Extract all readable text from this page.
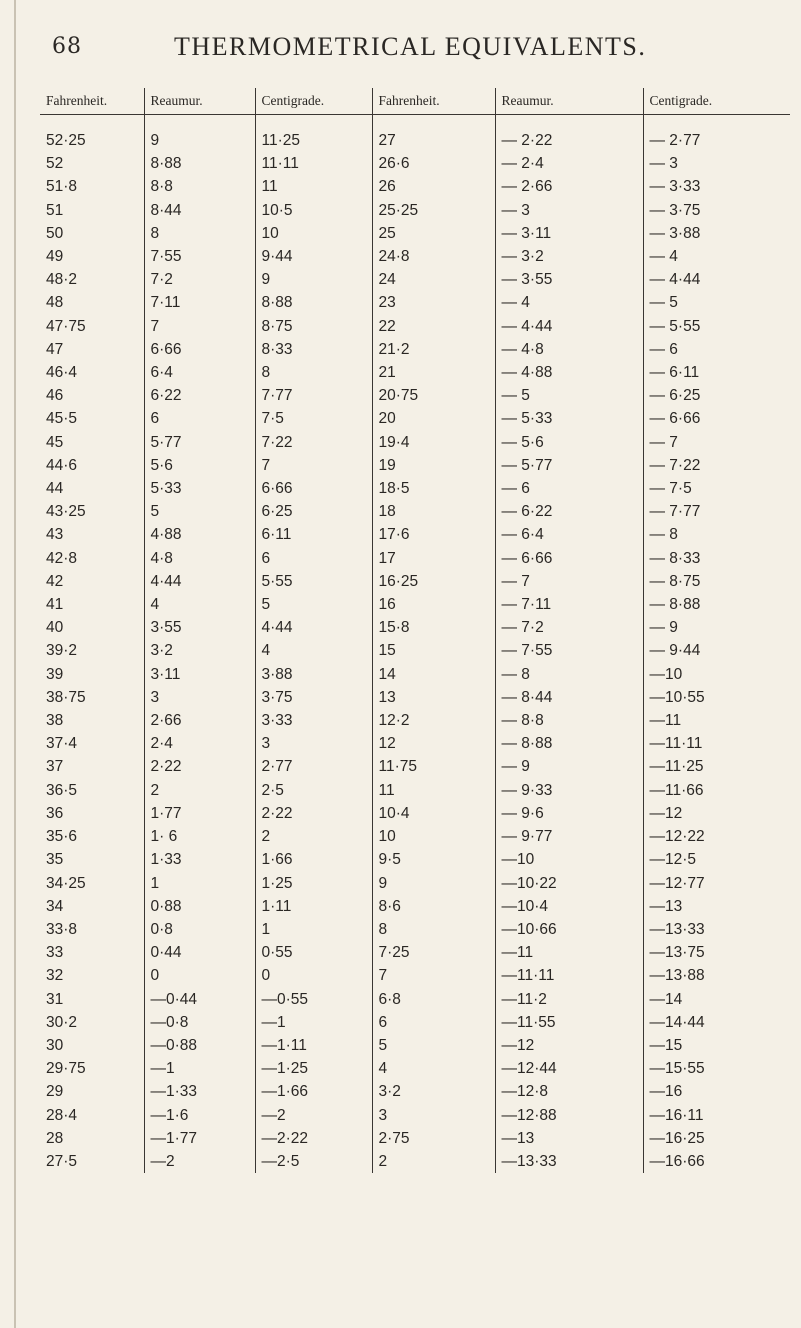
68	THERMOMETRICAL EQUIVALENTS.
Fahrenheit.	Reaumur.	Centigrade.	Fahrenheit.	Reaumur.	Centigrade.
52·25	9	11·25	27	— 2·22	— 2·77
52	8·88	11·11	26·6	— 2·4	— 3
51·8	8·8	11	26	— 2·66	— 3·33
51	8·44	10·5	25·25	— 3	— 3·75
50	8	10	25	— 3·11	— 3·88
49	7·55	9·44	24·8	— 3·2	— 4
48·2	7·2	9	24	— 3·55	— 4·44
48	7·11	8·88	23	— 4	— 5
47·75	7	8·75	22	— 4·44	— 5·55
47	6·66	8·33	21·2	— 4·8	— 6
46·4	6·4	8	21	— 4·88	— 6·11
46	6·22	7·77	20·75	— 5	— 6·25
45·5	6	7·5	20	— 5·33	— 6·66
45	5·77	7·22	19·4	— 5·6	— 7
44·6	5·6	7	19	— 5·77	— 7·22
44	5·33	6·66	18·5	— 6	— 7·5
43·25	5	6·25	18	— 6·22	— 7·77
43	4·88	6·11	17·6	— 6·4	— 8
42·8	4·8	6	17	— 6·66	— 8·33
42	4·44	5·55	16·25	— 7	— 8·75
41	4	5	16	— 7·11	— 8·88
40	3·55	4·44	15·8	— 7·2	— 9
39·2	3·2	4	15	— 7·55	— 9·44
39	3·11	3·88	14	— 8	—10
38·75	3	3·75	13	— 8·44	—10·55
38	2·66	3·33	12·2	— 8·8	—11
37·4	2·4	3	12	— 8·88	—11·11
37	2·22	2·77	11·75	— 9	—11·25
36·5	2	2·5	11	— 9·33	—11·66
36	1·77	2·22	10·4	— 9·6	—12
35·6	1· 6	2	10	— 9·77	—12·22
35	1·33	1·66	9·5	—10	—12·5
34·25	1	1·25	9	—10·22	—12·77
34	0·88	1·11	8·6	—10·4	—13
33·8	0·8	1	8	—10·66	—13·33
33	0·44	0·55	7·25	—11	—13·75
32	0	0	7	—11·11	—13·88
31	—0·44	—0·55	6·8	—11·2	—14
30·2	—0·8	—1	6	—11·55	—14·44
30	—0·88	—1·11	5	—12	—15
29·75	—1	—1·25	4	—12·44	—15·55
29	—1·33	—1·66	3·2	—12·8	—16
28·4	—1·6	—2	3	—12·88	—16·11
28	—1·77	—2·22	2·75	—13	—16·25
27·5	—2	—2·5	2	—13·33	—16·66
